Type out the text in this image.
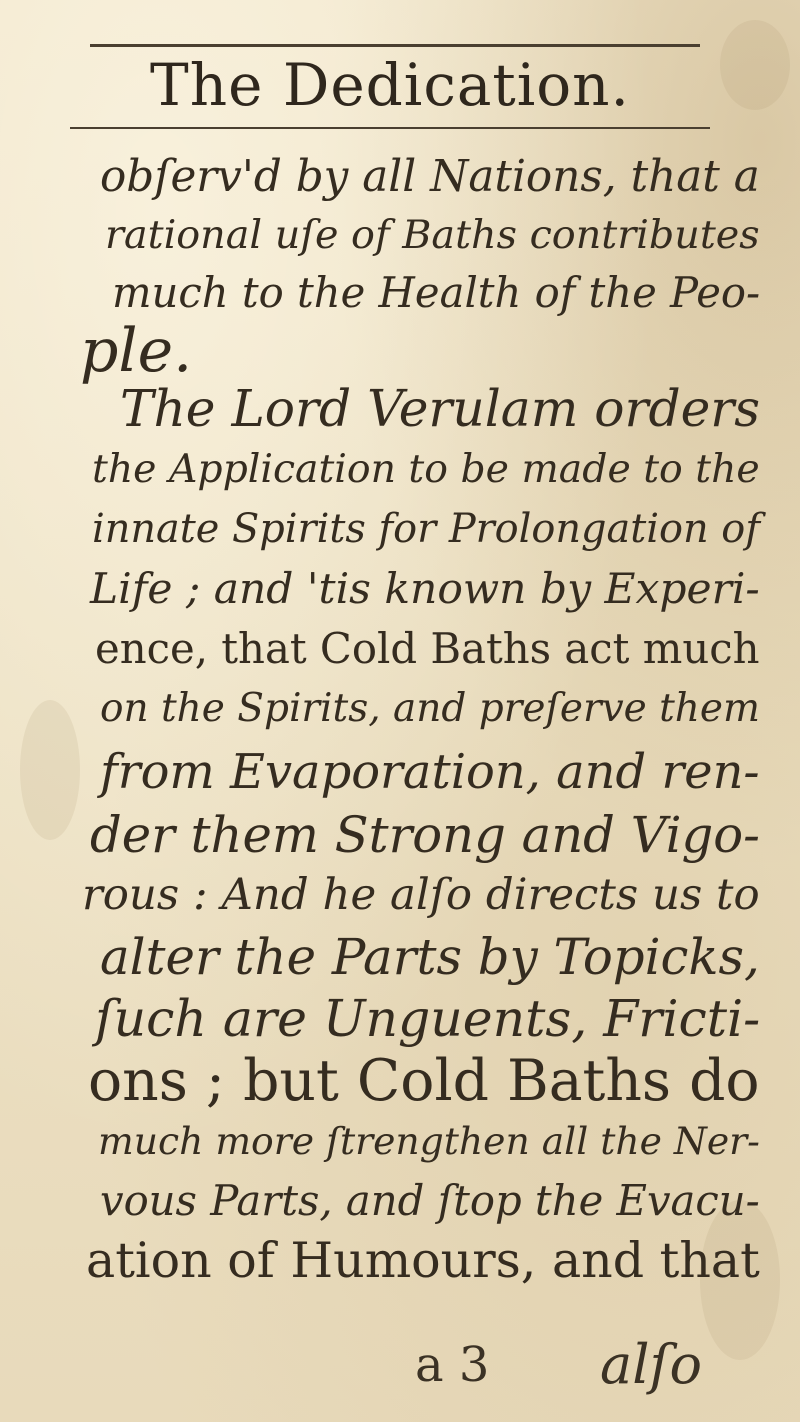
The Dedication.
obſerv'd by all Nations, that a
rational uſe of Baths contributes
much to the Health of the Peo-
ple.
The Lord Verulam orders
the Application to be made to the
innate Spirits for Prolongation of
Life ; and 'tis known by Experi-
ence, that Cold Baths act much
on the Spirits, and preſerve them
from Evaporation, and ren-
der them Strong and Vigo-
rous : And he alſo directs us to
alter the Parts by Topicks,
ſuch are Unguents, Fricti-
ons ; but Cold Baths do
much more ſtrengthen all the Ner-
vous Parts, and ſtop the Evacu-
ation of Humours, and that
a 3 alſo
